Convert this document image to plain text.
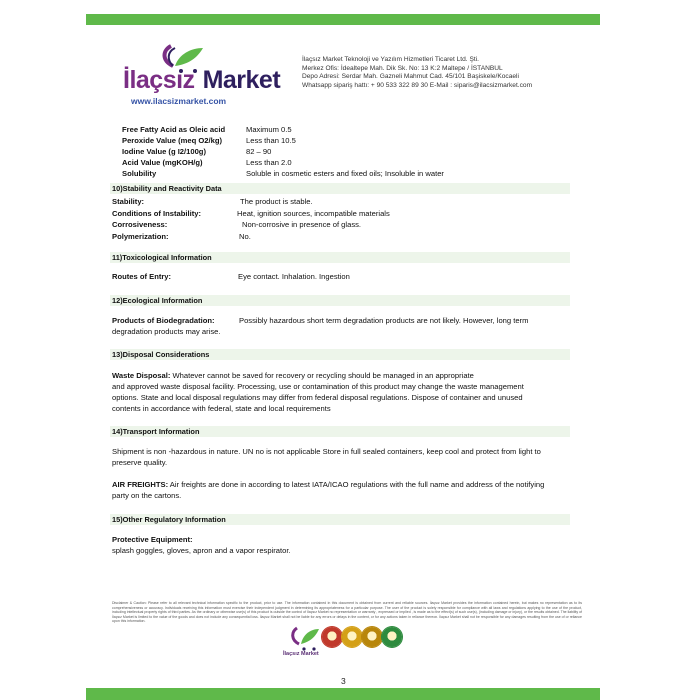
İlaçsız Market
www.ilacsizmarket.com
İlaçsız Market Teknoloji ve Yazılım Hizmetleri Ticaret Ltd. Şti.
Merkez Ofis: İdealtepe Mah. Dik Sk. No: 13 K:2 Maltepe / İSTANBUL
Depo Adresi: Serdar Mah. Gazneli Mahmut Cad. 45/101 Başiskele/Kocaeli
Whatsapp sipariş hattı: + 90 533 322 89 30 E-Mail : siparis@ilacsizmarket.com
Free Fatty Acid as Oleic acid	Maximum 0.5
Peroxide Value (meq O2/kg)	Less than 10.5
Iodine Value (g I2/100g)	82 – 90
Acid Value (mgKOH/g)	Less than 2.0
Solubility	Soluble in cosmetic esters and fixed oils; Insoluble in water
10)Stability and Reactivity Data
Stability:	The product is stable.
Conditions of Instability:	Heat, ignition sources, incompatible materials
Corrosiveness:	Non-corrosive in presence of glass.
Polymerization:	No.
11)Toxicological Information
Routes of Entry:	Eye contact. Inhalation. Ingestion
12)Ecological Information
Products of Biodegradation:	Possibly hazardous short term degradation products are not likely. However, long term
degradation products may arise.
13)Disposal Considerations
Waste Disposal: Whatever cannot be saved for recovery or recycling should be managed in an appropriate
and approved waste disposal facility. Processing, use or contamination of this product may change the waste management
options. State and local disposal regulations may differ from federal disposal regulations. Dispose of container and unused
contents in accordance with federal, state and local requirements
14)Transport Information
Shipment is non -hazardous in nature. UN no is not applicable Store in full sealed containers, keep cool and protect from light to
preserve quality.
AIR FREIGHTS: Air freights are done in according to latest IATA/ICAO regulations with the full name and address of the notifying
party on the cartons.
15)Other Regulatory Information
Protective Equipment:
splash goggles, gloves, apron and a vapor respirator.
Disclaimer & Caution: Please refer to all relevant technical information specific to the product, prior to use. The information contained in this document is obtained from current and reliable sources. İlaçsız Market provides the information contained herein, but makes no representation as to its comprehensiveness or accuracy. Individuals receiving this information must exercise their independent judgment in determining its appropriateness for a particular purpose. The user of the product is solely responsible for compliance with all laws and regulations applying to the use of the product, including intellectual property rights of third parties. As the ordinary or otherwise use(s) of this product is outside the control of İlaçsız Market no representation or warranty , expressed or implied , is made as to the effect(s) of such use(s), (including damage or injury), or the results obtained. The liability of İlaçsız Market is limited to the value of the goods and does not include any consequential loss. İlaçsız Market shall not be liable for any errors or delays in the content, or for any actions taken in reliance thereon. İlaçsız Market shall not be responsible for any damages resulting from the use of or reliance upon this information.
İlaçsız Market
3
